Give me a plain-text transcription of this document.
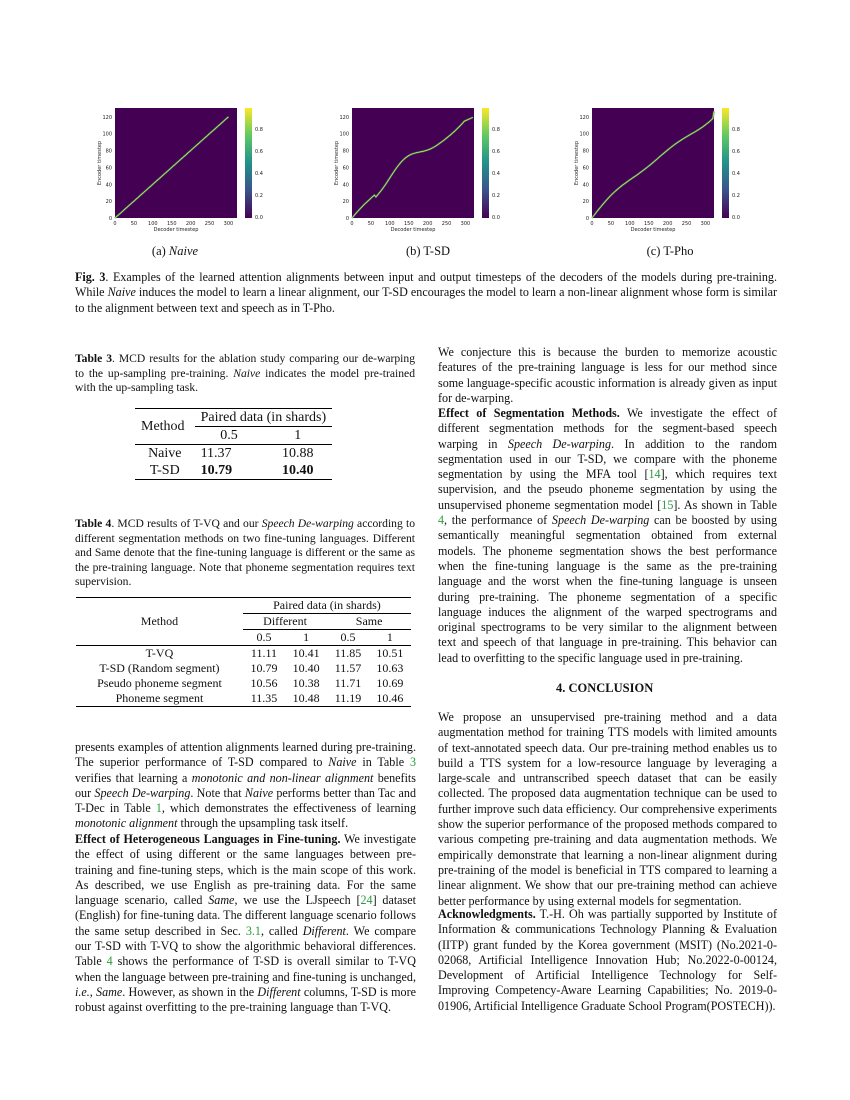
0
20
40
60
80
100
120
0	50 100 150 200 250 300
Decoder timestep
Encoder timestep
0.0
0.2
0.4
0.6
0.8
0
20
40
60
80
100
120
0	50 100 150 200 250 300
Decoder timestep
Encoder timestep
0.0
0.2
0.4
0.6
0.8
0
20
40
60
80
100
120
0	50 100 150 200 250 300
Decoder timestep
Encoder timestep
0.0
0.2
0.4
0.6
0.8
(a) Naive	(b) T-SD	(c) T-Pho
Fig. 3. Examples of the learned attention alignments between input and output timesteps of the decoders of the models during pre-training. While Naive induces the model to learn a linear alignment, our T-SD encourages the model to learn a non-linear alignment whose form is similar to the alignment between text and speech as in T-Pho.
Table 3. MCD results for the ablation study comparing our de-warping to the up-sampling pre-training. Naive indicates the model pre-trained with the up-sampling task.
Method	Paired data (in shards)	
	0.5	1
Naive	11.37	10.88
T-SD	10.79	10.40
Table 4. MCD results of T-VQ and our Speech De-warping according to different segmentation methods on two fine-tuning languages. Different and Same denote that the fine-tuning language is different or the same as the pre-training language. Note that phoneme segmentation requires text supervision.
Method	Paired data (in shards)			
	Different		Same	
	0.5	1	0.5	1
T-VQ	11.11	10.41	11.85	10.51
T-SD (Random segment)	10.79	10.40	11.57	10.63
Pseudo phoneme segment	10.56	10.38	11.71	10.69
Phoneme segment	11.35	10.48	11.19	10.46
presents examples of attention alignments learned during pre-training. The superior performance of T-SD compared to Naive in Table 3 verifies that learning a monotonic and non-linear alignment benefits our Speech De-warping. Note that Naive performs better than Tac and T-Dec in Table 1, which demonstrates the effectiveness of learning monotonic alignment through the upsampling task itself.
Effect of Heterogeneous Languages in Fine-tuning. We investigate the effect of using different or the same languages between pre-training and fine-tuning steps, which is the main scope of this work. As described, we use English as pre-training data. For the same language scenario, called Same, we use the LJspeech [24] dataset (English) for fine-tuning data. The different language scenario follows the same setup described in Sec. 3.1, called Different. We compare our T-SD with T-VQ to show the algorithmic behavioral differences. Table 4 shows the performance of T-SD is overall similar to T-VQ when the language between pre-training and fine-tuning is unchanged, i.e., Same. However, as shown in the Different columns, T-SD is more robust against overfitting to the pre-training language than T-VQ.
We conjecture this is because the burden to memorize acoustic features of the pre-training language is less for our method since some language-specific acoustic information is already given as input for de-warping.
Effect of Segmentation Methods. We investigate the effect of different segmentation methods for the segment-based speech warping in Speech De-warping. In addition to the random segmentation used in our T-SD, we compare with the phoneme segmentation by using the MFA tool [14], which requires text supervision, and the pseudo phoneme segmentation by using the unsupervised phoneme segmentation model [15]. As shown in Table 4, the performance of Speech De-warping can be boosted by using semantically meaningful segmentation obtained from external models. The phoneme segmentation shows the best performance when the fine-tuning language is the same as the pre-training language and the worst when the fine-tuning language is unseen during pre-training. The phoneme segmentation of a specific language induces the alignment of the warped spectrograms and original spectrograms to be very similar to the alignment between text and speech of that language in pre-training. This behavior can lead to overfitting to the specific language used in pre-training.
4. CONCLUSION
We propose an unsupervised pre-training method and a data augmentation method for training TTS models with limited amounts of text-annotated speech data. Our pre-training method enables us to build a TTS system for a low-resource language by leveraging a large-scale and untranscribed speech dataset that can be easily collected. The proposed data augmentation technique can be used to further improve such data efficiency. Our comprehensive experiments show the superior performance of the proposed methods compared to various competing pre-training and data augmentation methods. We empirically demonstrate that learning a non-linear alignment during pre-training of the model is beneficial in TTS compared to learning a linear alignment. We show that our pre-training method can achieve better performance by using external models for segmentation.
Acknowledgments. T.-H. Oh was partially supported by Institute of Information & communications Technology Planning & Evaluation (IITP) grant funded by the Korea government (MSIT) (No.2021-0-02068, Artificial Intelligence Innovation Hub; No.2022-0-00124, Development of Artificial Intelligence Technology for Self-Improving Competency-Aware Learning Capabilities; No. 2019-0-01906, Artificial Intelligence Graduate School Program(POSTECH)).
